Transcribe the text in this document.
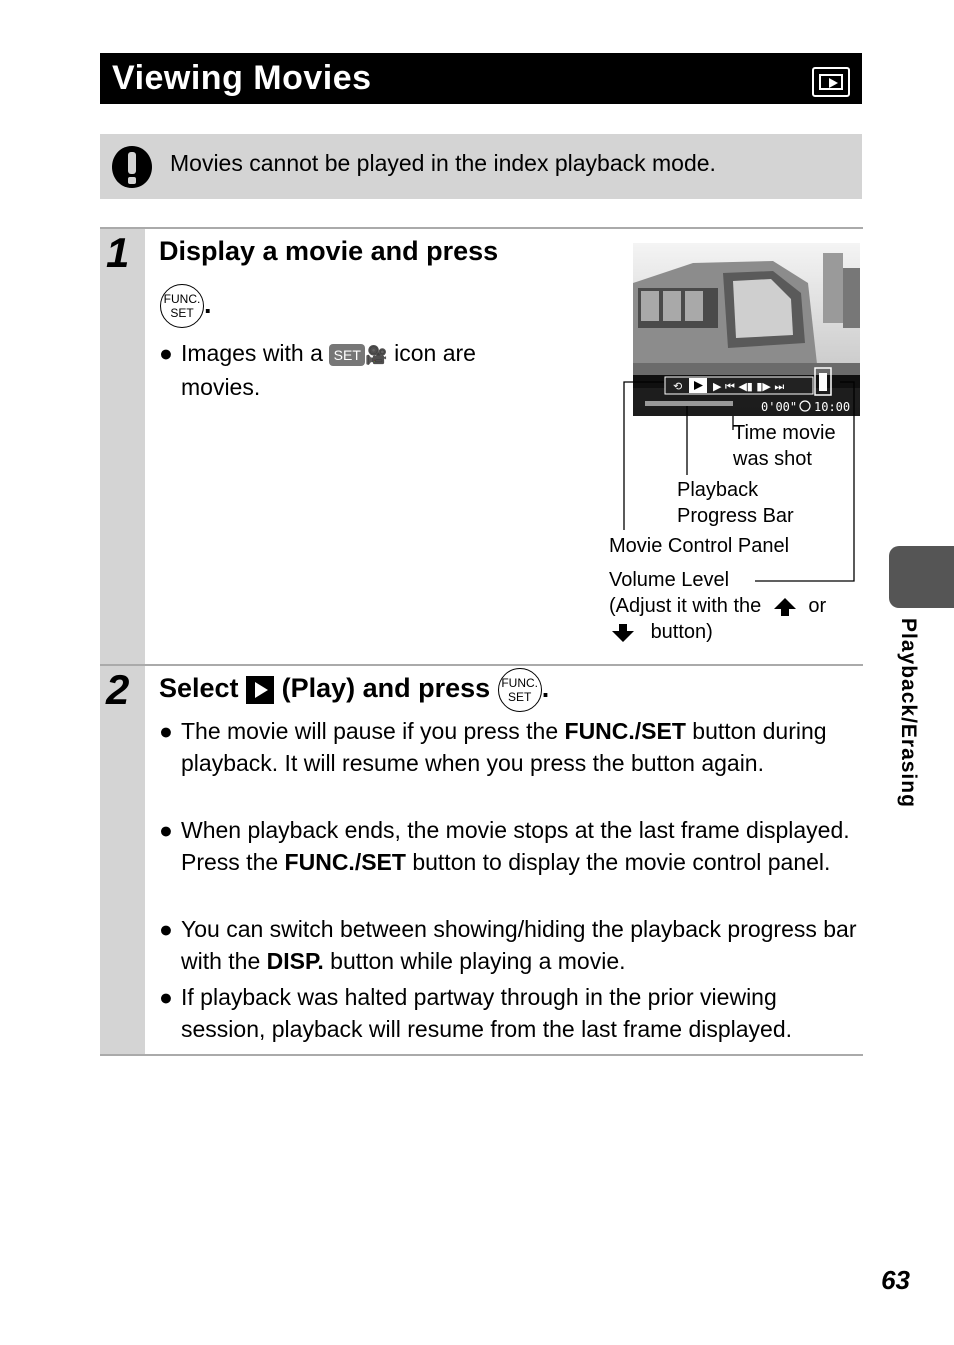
Viewing Movies
Movies cannot be played in the index playback mode.
1 Display a movie and press
FUNC.
SET .
● Images with a SET 🎥 icon are
movies.	⟲	▶ ⏮ ◀▮ ▮▶ ⏭
0'00" 10:00
Time movie
was shot
Playback
Progress Bar
Movie Control Panel
Volume Level
(Adjust it with the or
button)
2 Select (Play) and press FUNC.
SET .
● The movie will pause if you press the FUNC./SET button during playback. It will resume when you press the button again.
● When playback ends, the movie stops at the last frame displayed. Press the FUNC./SET button to display the movie control panel.
● You can switch between showing/hiding the playback progress bar with the DISP. button while playing a movie.
● If playback was halted partway through in the prior viewing session, playback will resume from the last frame displayed.
Playback/Erasing
63
